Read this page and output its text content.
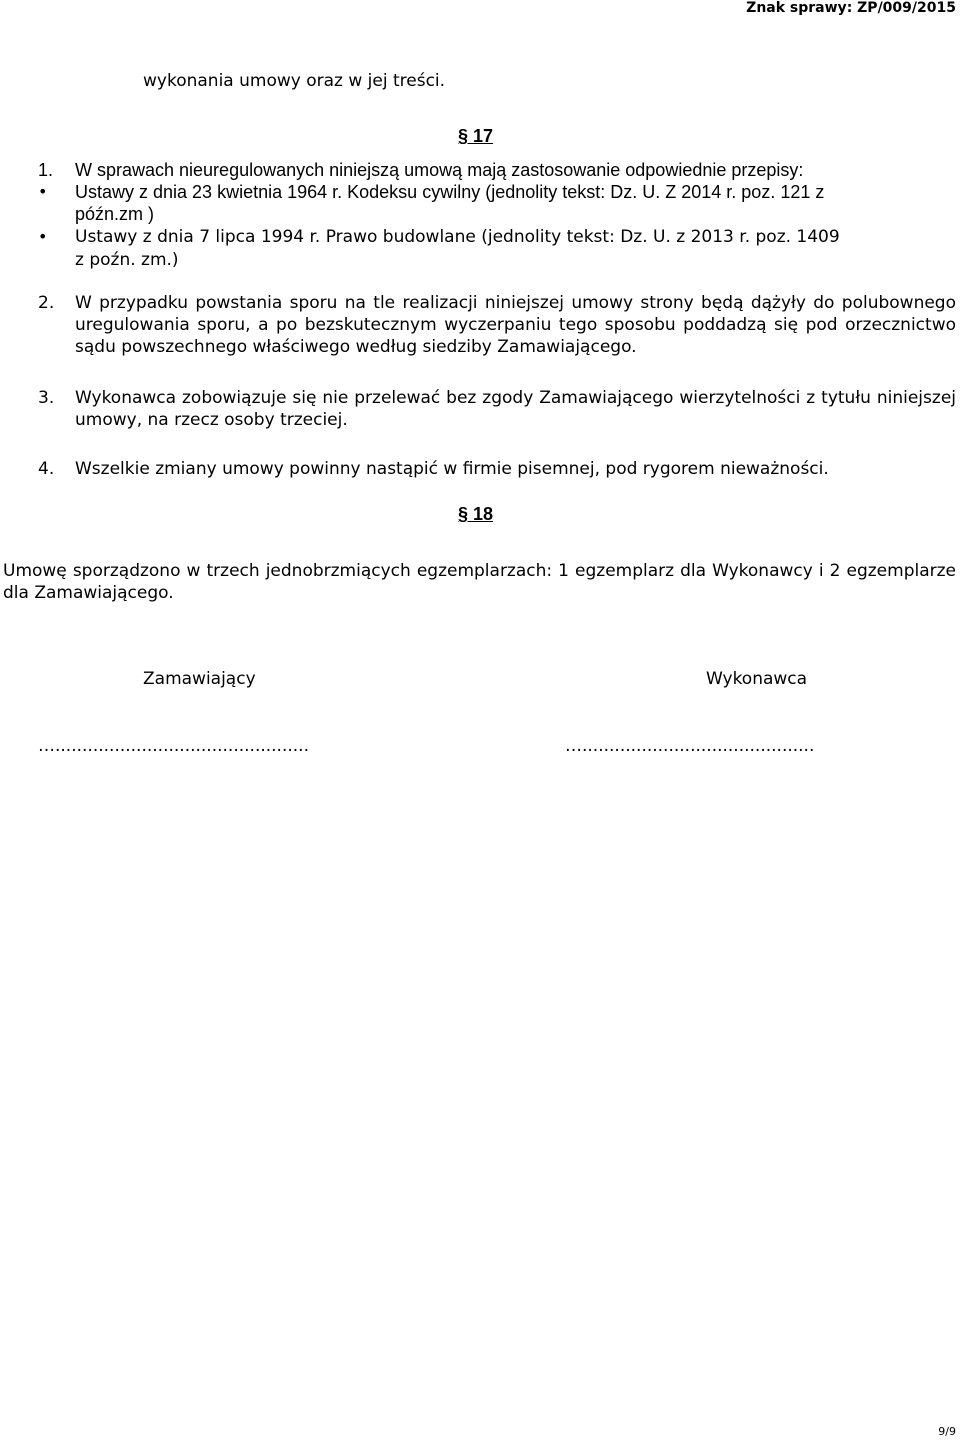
Znak sprawy: ZP/009/2015
wykonania umowy oraz w jej treści.
§ 17
1. W sprawach nieuregulowanych niniejszą umową mają zastosowanie odpowiednie przepisy:
• Ustawy z dnia 23 kwietnia 1964 r. Kodeksu cywilny (jednolity tekst: Dz. U. Z 2014 r. poz. 121 z
późn.zm )
• Ustawy z dnia 7 lipca 1994 r. Prawo budowlane (jednolity tekst: Dz. U. z 2013 r. poz. 1409
z poźn. zm.)
2. W przypadku powstania sporu na tle realizacji niniejszej umowy strony będą dążyły do polubownego uregulowania sporu, a po bezskutecznym wyczerpaniu tego sposobu poddadzą się pod orzecznictwo sądu powszechnego właściwego według siedziby Zamawiającego.
3. Wykonawca zobowiązuje się nie przelewać bez zgody Zamawiającego wierzytelności z tytułu niniejszej umowy, na rzecz osoby trzeciej.
4. Wszelkie zmiany umowy powinny nastąpić w firmie pisemnej, pod rygorem nieważności.
§ 18
Umowę sporządzono w trzech jednobrzmiących egzemplarzach: 1 egzemplarz dla Wykonawcy i 2 egzemplarze dla Zamawiającego.
Zamawiający	Wykonawca
…...............................................	…...........................................
9/9
